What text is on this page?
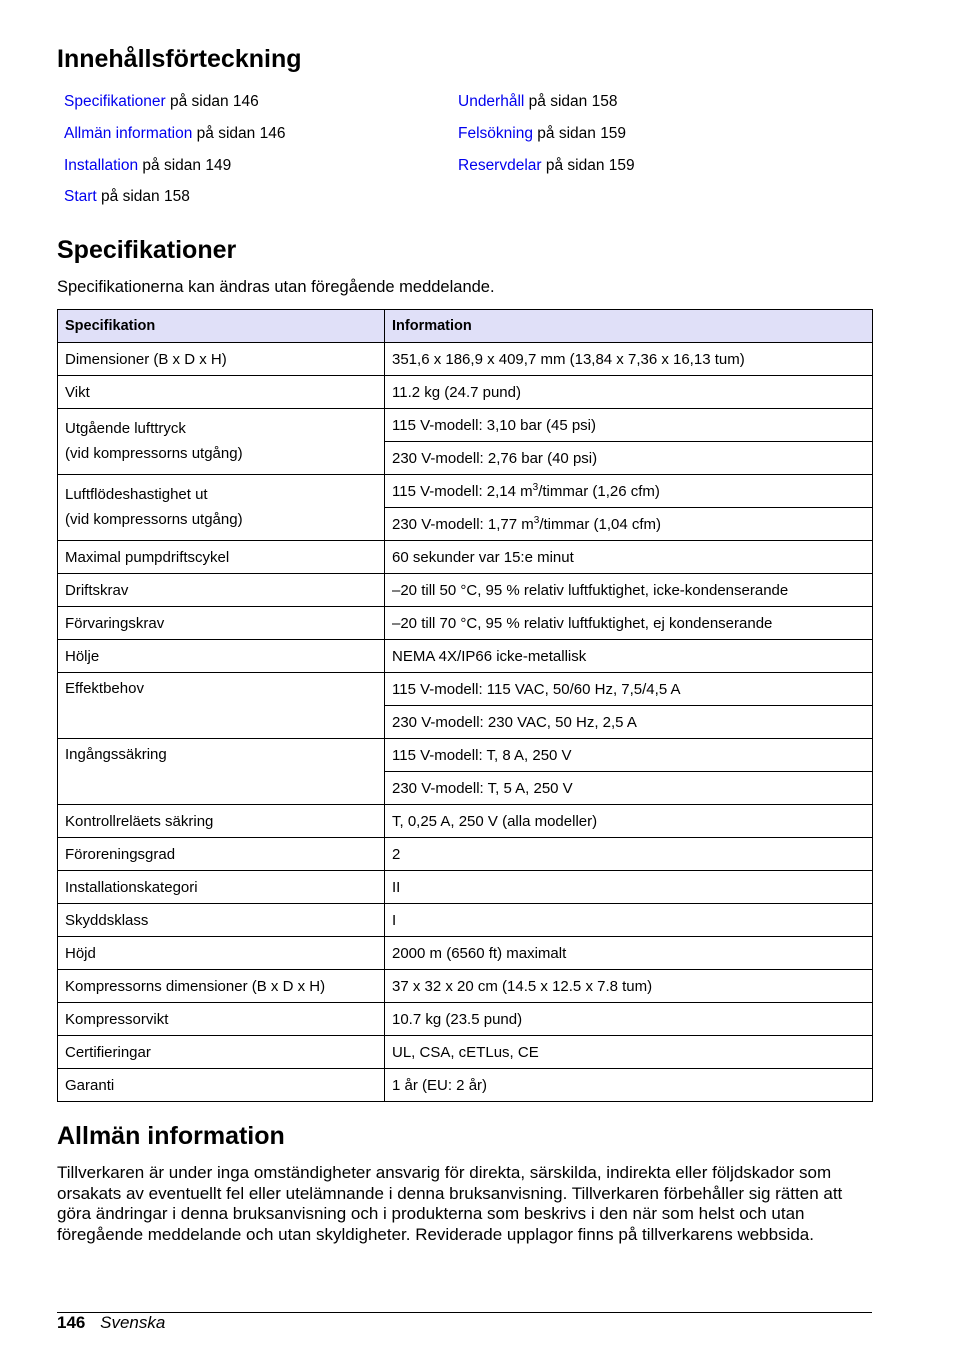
Innehållsförteckning
Specifikationer på sidan 146
Allmän information på sidan 146
Installation på sidan 149
Start på sidan 158
Underhåll på sidan 158
Felsökning på sidan 159
Reservdelar på sidan 159
Specifikationer
Specifikationerna kan ändras utan föregående meddelande.
Specifikation	Information
Dimensioner (B x D x H)	351,6 x 186,9 x 409,7 mm (13,84 x 7,36 x 16,13 tum)
Vikt	11.2 kg (24.7 pund)

Utgående lufttryck
(vid kompressorns utgång)	115 V-modell: 3,10 bar (45 psi)
	230 V-modell: 2,76 bar (40 psi)

Luftflödeshastighet ut
(vid kompressorns utgång)	115 V-modell: 2,14 $m^3$/timmar (1,26 cfm)
	230 V-modell: 1,77 $m^3$/timmar (1,04 cfm)
Maximal pumpdriftscykel	60 sekunder var 15:e minut
Driftskrav	–20 till 50 °C, 95 % relativ luftfuktighet, icke-kondenserande
Förvaringskrav	–20 till 70 °C, 95 % relativ luftfuktighet, ej kondenserande
Hölje	NEMA 4X/IP66 icke-metallisk
Effektbehov	115 V-modell: 115 VAC, 50/60 Hz, 7,5/4,5 A
	230 V-modell: 230 VAC, 50 Hz, 2,5 A
Ingångssäkring	115 V-modell: T, 8 A, 250 V
	230 V-modell: T, 5 A, 250 V
Kontrollreläets säkring	T, 0,25 A, 250 V (alla modeller)
Föroreningsgrad	2
Installationskategori	II
Skyddsklass	I
Höjd	2000 m (6560 ft) maximalt
Kompressorns dimensioner (B x D x H)	37 x 32 x 20 cm (14.5 x 12.5 x 7.8 tum)
Kompressorvikt	10.7 kg (23.5 pund)
Certifieringar	UL, CSA, cETLus, CE
Garanti	1 år (EU: 2 år)
Allmän information

Tillverkaren är under inga omständigheter ansvarig för direkta, särskilda, indirekta eller följdskador som orsakats av eventuellt fel eller utelämnande i denna bruksanvisning. Tillverkaren förbehåller sig rätten att göra ändringar i denna bruksanvisning och i produkterna som beskrivs i den när som helst och utan föregående meddelande och utan skyldigheter. Reviderade upplagor finns på tillverkarens webbsida.

146 Svenska
